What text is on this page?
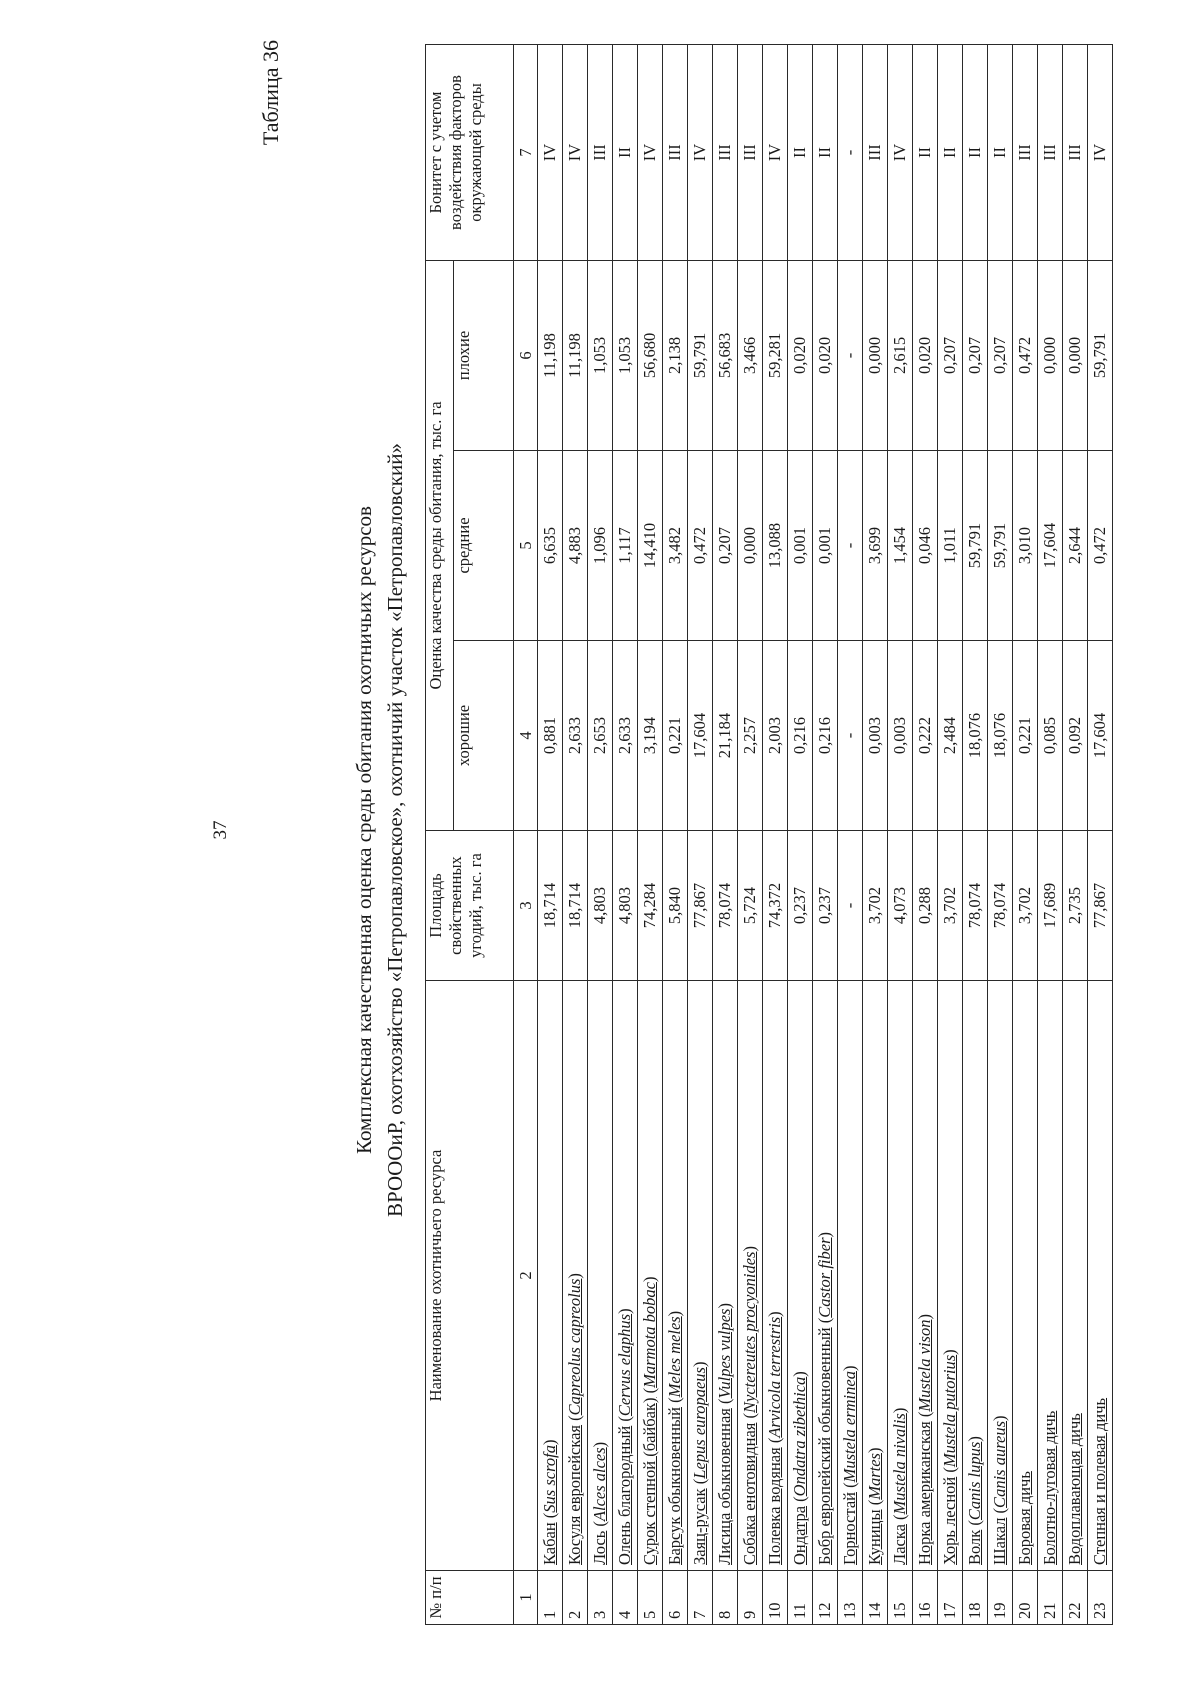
37
Таблица 36
Комплексная качественная оценка среды обитания охотничьих ресурсов ВРОООиР, охотхозяйство «Петропавловское», охотничий участок «Петропавловский»
№ п/п	Наименование охотничьего ресурса	Площадь свойственных угодий, тыс. га	Оценка качества среды обитания, тыс. га			Бонитет с учетом воздействия факторов окружающей среды
			хорошие	средние	плохие	
1	2	3	4	5	6	7
1	Кабан (Sus scrofa)	18,714	0,881	6,635	11,198	IV
2	Косуля европейская (Capreolus capreolus)	18,714	2,633	4,883	11,198	IV
3	Лось (Alces alces)	4,803	2,653	1,096	1,053	III
4	Олень благородный (Cervus elaphus)	4,803	2,633	1,117	1,053	II
5	Сурок степной (байбак) (Marmota bobac)	74,284	3,194	14,410	56,680	IV
6	Барсук обыкновенный (Meles meles)	5,840	0,221	3,482	2,138	III
7	Заяц-русак (Lepus europaeus)	77,867	17,604	0,472	59,791	IV
8	Лисица обыкновенная (Vulpes vulpes)	78,074	21,184	0,207	56,683	III
9	Собака енотовидная (Nyctereutes procyonides)	5,724	2,257	0,000	3,466	III
10	Полевка водяная (Arvicola terrestris)	74,372	2,003	13,088	59,281	IV
11	Ондатра (Ondatra zibethica)	0,237	0,216	0,001	0,020	II
12	Бобр европейский обыкновенный (Castor fiber)	0,237	0,216	0,001	0,020	II
13	Горностай (Mustela erminea)	-	-	-	-	-
14	Куницы (Martes)	3,702	0,003	3,699	0,000	III
15	Ласка (Mustela nivalis)	4,073	0,003	1,454	2,615	IV
16	Норка американская (Mustela vison)	0,288	0,222	0,046	0,020	II
17	Хорь лесной (Mustela putorius)	3,702	2,484	1,011	0,207	II
18	Волк (Canis lupus)	78,074	18,076	59,791	0,207	II
19	Шакал (Canis aureus)	78,074	18,076	59,791	0,207	II
20	Боровая дичь	3,702	0,221	3,010	0,472	III
21	Болотно-луговая дичь	17,689	0,085	17,604	0,000	III
22	Водоплавающая дичь	2,735	0,092	2,644	0,000	III
23	Степная и полевая дичь	77,867	17,604	0,472	59,791	IV
